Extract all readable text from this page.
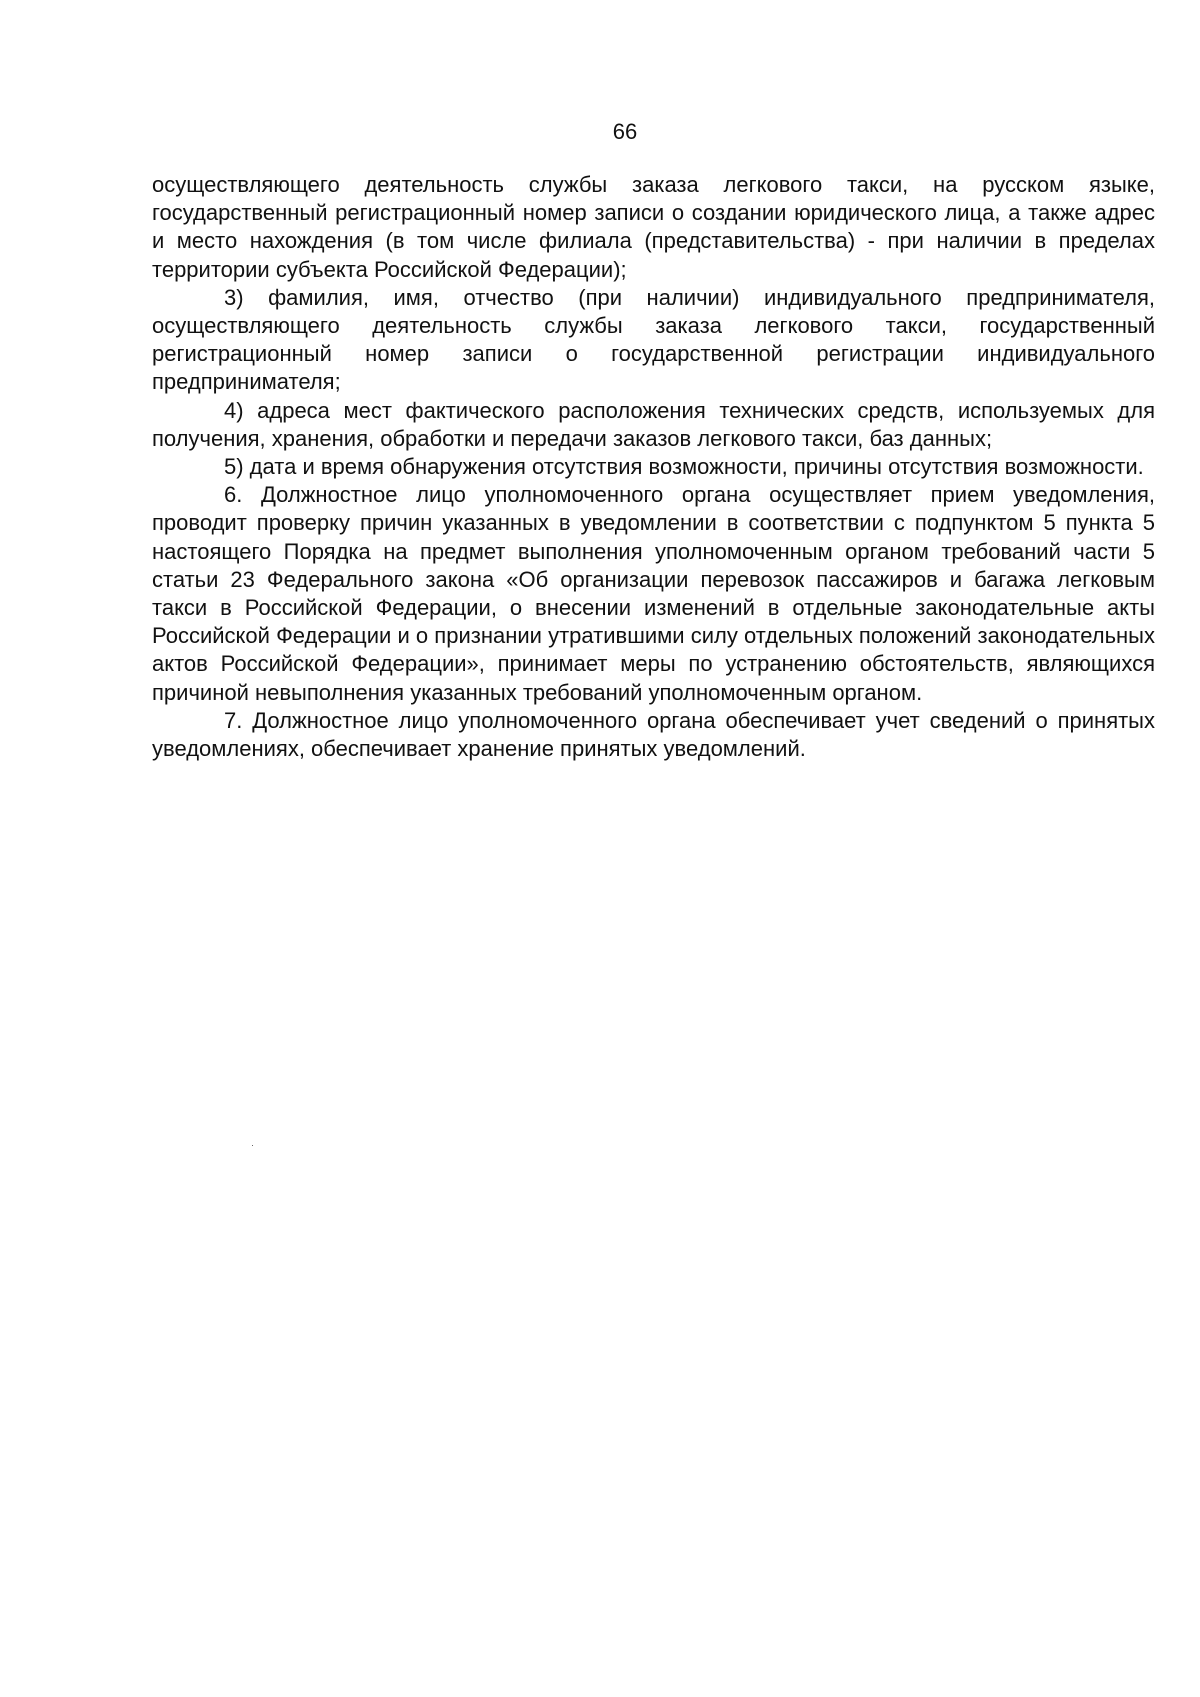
66

осуществляющего деятельность службы заказа легкового такси, на русском языке, государственный регистрационный номер записи о создании юридического лица, а также адрес и место нахождения (в том числе филиала (представительства) - при наличии в пределах территории субъекта Российской Федерации);

3) фамилия, имя, отчество (при наличии) индивидуального предпринимателя, осуществляющего деятельность службы заказа легкового такси, государственный регистрационный номер записи о государственной регистрации индивидуального предпринимателя;

4) адреса мест фактического расположения технических средств, используемых для получения, хранения, обработки и передачи заказов легкового такси, баз данных;

5) дата и время обнаружения отсутствия возможности, причины отсутствия возможности.

6. Должностное лицо уполномоченного органа осуществляет прием уведомления, проводит проверку причин указанных в уведомлении в соответствии с подпунктом 5 пункта 5 настоящего Порядка на предмет выполнения уполномоченным органом требований части 5 статьи 23 Федерального закона «Об организации перевозок пассажиров и багажа легковым такси в Российской Федерации, о внесении изменений в отдельные законодательные акты Российской Федерации и о признании утратившими силу отдельных положений законодательных актов Российской Федерации», принимает меры по устранению обстоятельств, являющихся причиной невыполнения указанных требований уполномоченным органом.

7. Должностное лицо уполномоченного органа обеспечивает учет сведений о принятых уведомлениях, обеспечивает хранение принятых уведомлений.
